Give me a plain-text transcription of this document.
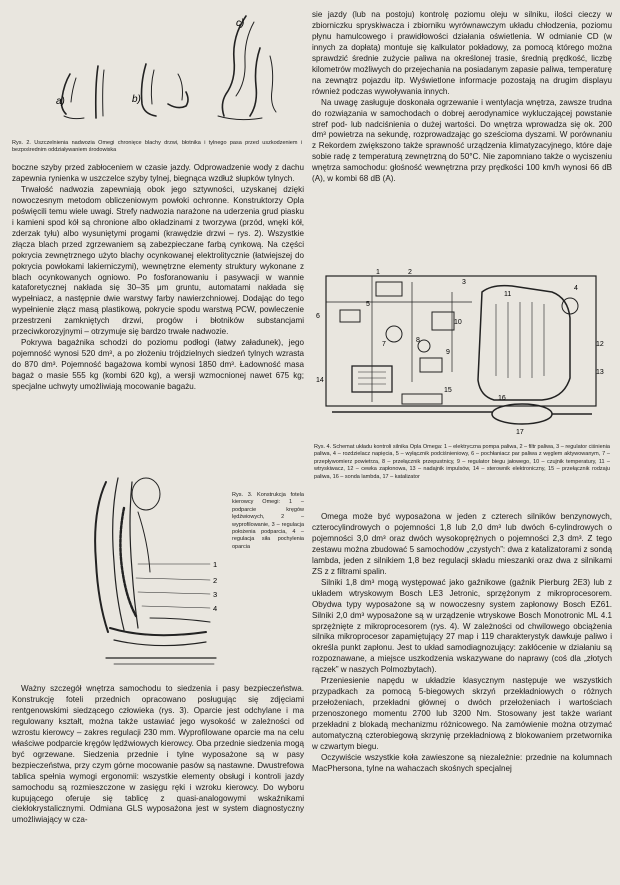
a)	b)
c)

Rys. 2. Uszczelnienia nadwozia Omegi chronięce blachy drzwi, błotnika i tylnego pasa przed uszkodzeniem i bezpośrednim oddziaływaniem środowiska

boczne szyby przed zabłoceniem w czasie jazdy. Odprowadzenie wody z dachu zapewnia rynienka w uszczelce szyby tylnej, biegnąca wzdłuż słupków tylnych.

Trwałość nadwozia zapewniają obok jego sztywności, uzyskanej dzięki nowoczesnym metodom obliczeniowym powłoki ochronne. Konstruktorzy Opla poświęcili temu wiele uwagi. Strefy nadwozia narażone na uderzenia grud piasku i kamieni spod kół są chronione albo okładzinami z tworzywa (przód, wnęki kół, zderzak tyłu) albo wysuniętymi progami (krawędzie drzwi – rys. 2). Wszystkie złącza blach przed zgrzewaniem są zabezpieczane farbą cynkową. Na części pokrycia zewnętrznego użyto blachy ocynkowanej elektrolitycznie (łatwiejszej do pokrycia powłokami lakierniczymi), wewnętrzne elementy struktury wykonane z blach ocynkowanych ogniowo. Po fosforanowaniu i pasywacji w wannie kataforetycznej nakłada się 30–35 μm gruntu, automatami nakłada się wypełniacz, a następnie dwie warstwy farby nawierzchniowej. Dodając do tego wypełnienie złącz masą plastikową, pokrycie spodu warstwą PCW, powleczenie przestrzeni zamkniętych drzwi, progów i błotników substancjami przeciwkorozyjnymi – otrzymuje się bardzo trwałe nadwozie.

Pokrywa bagażnika schodzi do poziomu podłogi (łatwy załadunek), jego pojemność wynosi 520 dm³, a po złożeniu trójdzielnych siedzeń tylnych wzrasta do 870 dm³. Pojemność bagażowa kombi wynosi 1850 dm³. Ładowność masa bagaż o masie 555 kg (kombi 620 kg), a wersji wzmocnionej nawet 675 kg; specjalne uchwyty umożliwiają mocowanie bagażu.

1
2
3
4

Rys. 3. Konstrukcja fotela kierowcy Omegi: 1 – podparcie kręgów lędźwiowych, 2 – wyprofilowanie, 3 – regulacja położenia podparcia, 4 – regulacja siła pochylenia oparcia

Ważny szczegół wnętrza samochodu to siedzenia i pasy bezpieczeństwa. Konstrukcję foteli przednich opracowano posługując się zdjęciami rentgenowskimi siedzącego człowieka (rys. 3). Oparcie jest odchylane i ma regulowany kształt, można także ustawiać jego wysokość w zależności od wzrostu kierowcy – zakres regulacji 230 mm. Wyprofilowane oparcie ma na celu właściwe podparcie kręgów lędźwiowych kierowcy. Oba przednie siedzenia mogą być ogrzewane. Siedzenia przednie i tylne wyposażone są w pasy bezpieczeństwa, przy czym górne mocowanie pasów są nastawne. Dwustrefowa tablica spełnia wymogi ergonomii: wszystkie elementy obsługi i kontroli jazdy samochodu są rozmieszczone w zasięgu ręki i wzroku kierowcy. Do wyboru kupującego oferuje się tablicę z quasi-analogowymi wskaźnikami ciekłokrystalicznymi. Odmiana GLS wyposażona jest w system diagnostyczny umożliwiający w cza-

sie jazdy (lub na postoju) kontrolę poziomu oleju w silniku, ilości cieczy w zbiorniczku spryskiwacza i zbiorniku wyrównawczym układu chłodzenia, poziomu płynu hamulcowego i prawidłowości działania oświetlenia. W odmianie CD (w innych za dopłatą) montuje się kalkulator pokładowy, za pomocą którego można sprawdzić średnie zużycie paliwa na określonej trasie, średnią prędkość, liczbę kilometrów możliwych do przejechania na posiadanym zapasie paliwa, temperaturę na zewnątrz pojazdu itp. Wyświetlone informacje pozostają na drugim displayu również podczas wywoływania innych.

Na uwagę zasługuje doskonała ogrzewanie i wentylacja wnętrza, zawsze trudna do rozwiązania w samochodach o dobrej aerodynamice wykluczającej powstanie stref pod- lub nadciśnienia o dużej wartości. Do wnętrza wprowadza się ok. 200 dm³ powietrza na sekundę, rozprowadzając go sześcioma dyszami. W porównaniu z Rekordem zwiększono także sprawność urządzenia klimatyzacyjnego, które daje sobie radę z temperaturą zewnętrzną do 50°C. Nie zapomniano także o wyciszeniu wnętrza samochodu: głośność wewnętrzna przy prędkości 100 km/h wynosi 66 dB (A), w kombi 68 dB (A).

1	2
3
4
5
6
7
8
9
10
11
12
13
14
15
16
17

Rys. 4. Schemat układu kontroli silnika Opla Omega: 1 – elektryczna pompa paliwa, 2 – filtr paliwa, 3 – regulator ciśnienia paliwa, 4 – rozdzielacz napięcia, 5 – wyłącznik podciśnieniowy, 6 – pochłaniacz par paliwa z węglem aktywowanym, 7 – przepływomierz powietrza, 8 – przełącznik przepustnicy, 9 – regulator biegu jałowego, 10 – czujnik temperatury, 11 – wtryskiwacz, 12 – cewka zapłonowa, 13 – nadajnik impulsów, 14 – sterownik elektroniczny, 15 – przełącznik rodzaju paliwa, 16 – sonda lambda, 17 – katalizator

Omega może być wyposażona w jeden z czterech silników benzynowych, czterocylindrowych o pojemności 1,8 lub 2,0 dm³ lub dwóch 6-cylindrowych o pojemności 3,0 dm³ oraz dwóch wysokoprężnych o pojemności 2,3 dm³. Z tego zestawu można zbudować 5 samochodów „czystych”: dwa z katalizatorami z sondą lambda, jeden z silnikiem 1,8 bez regulacji składu mieszanki oraz dwa z silnikami ZS z z filtrami spalin.

Silniki 1,8 dm³ mogą występować jako gaźnikowe (gaźnik Pierburg 2E3) lub z układem wtryskowym Bosch LE3 Jetronic, sprzężonym z mikroprocesorem. Obydwa typy wyposażone są w nowoczesny system zapłonowy Bosch EZ61. Silniki 2,0 dm³ wyposażone są w urządzenie wtryskowe Bosch Monotronic ML 4.1 sprzężnięte z mikroprocesorem (rys. 4). W zależności od chwilowego obciążenia silnika mikroprocesor zapamiętujący 27 map i 119 charakterystyk dawkuje paliwo i określa punkt zapłonu. Jest to układ samodiagnozujący: zakłócenie w działaniu są rozpoznawane, a miejsce uszkodzenia wskazywane do naprawy (coś dla „złotych rączek” w naszych Polmozbytach).

Przeniesienie napędu w układzie klasycznym następuje we wszystkich przypadkach za pomocą 5-biegowych skrzyń przekładniowych o różnych przełożeniach, przekładni głównej o dwóch przełożeniach i wartościach przenoszonego momentu 2700 lub 3200 Nm. Stosowany jest także wariant przekładni z blokadą mechanizmu różnicowego. Na zamówienie można otrzymać automatyczną czterobiegową skrzynię przekładniową z blokowaniem przetwornika w czwartym biegu.

Oczywiście wszystkie koła zawieszone są niezależnie: przednie na kolumnach MacPhersona, tylne na wahaczach skośnych specjalnej
